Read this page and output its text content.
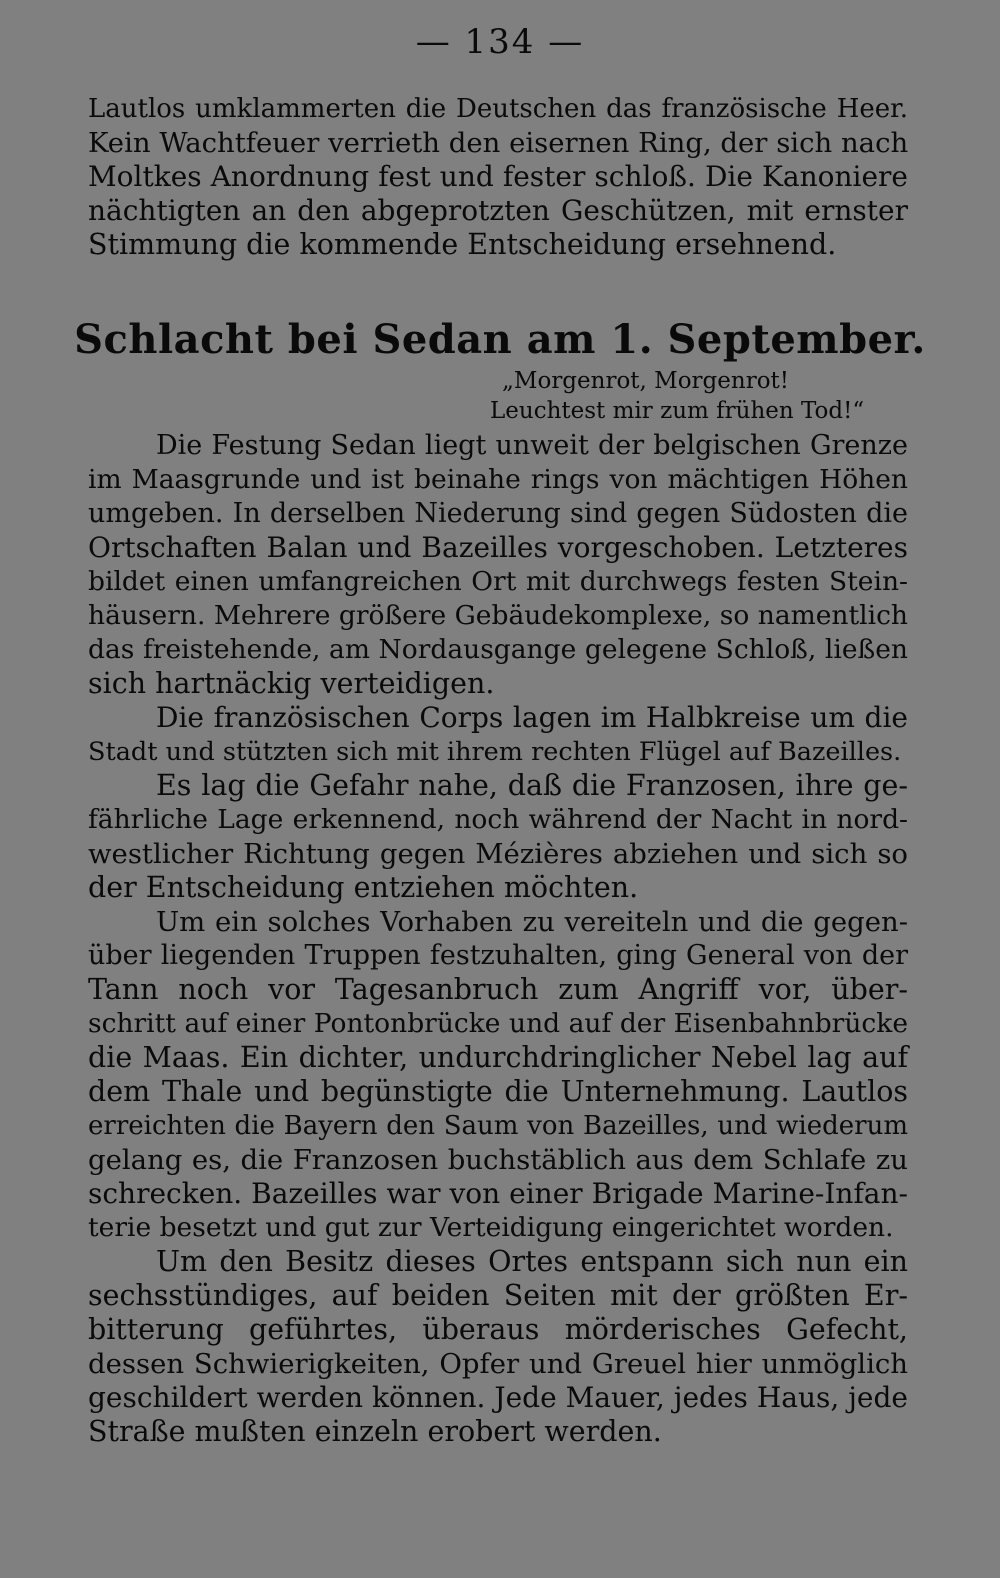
— 134 —
Lautlos umklammerten die Deutschen das französische Heer.
Kein Wachtfeuer verrieth den eisernen Ring, der sich nach
Moltkes Anordnung fest und fester schloß. Die Kanoniere
nächtigten an den abgeprotzten Geschützen, mit ernster
Stimmung die kommende Entscheidung ersehnend.
Schlacht bei Sedan am 1. September.
„Morgenrot, Morgenrot!
Leuchtest mir zum frühen Tod!“
Die Festung Sedan liegt unweit der belgischen Grenze
im Maasgrunde und ist beinahe rings von mächtigen Höhen
umgeben. In derselben Niederung sind gegen Südosten die
Ortschaften Balan und Bazeilles vorgeschoben. Letzteres
bildet einen umfangreichen Ort mit durchwegs festen Stein-
häusern. Mehrere größere Gebäudekomplexe, so namentlich
das freistehende, am Nordausgange gelegene Schloß, ließen
sich hartnäckig verteidigen.
Die französischen Corps lagen im Halbkreise um die
Stadt und stützten sich mit ihrem rechten Flügel auf Bazeilles.
Es lag die Gefahr nahe, daß die Franzosen, ihre ge-
fährliche Lage erkennend, noch während der Nacht in nord-
westlicher Richtung gegen Mézières abziehen und sich so
der Entscheidung entziehen möchten.
Um ein solches Vorhaben zu vereiteln und die gegen-
über liegenden Truppen festzuhalten, ging General von der
Tann noch vor Tagesanbruch zum Angriff vor, über-
schritt auf einer Pontonbrücke und auf der Eisenbahnbrücke
die Maas. Ein dichter, undurchdringlicher Nebel lag auf
dem Thale und begünstigte die Unternehmung. Lautlos
erreichten die Bayern den Saum von Bazeilles, und wiederum
gelang es, die Franzosen buchstäblich aus dem Schlafe zu
schrecken. Bazeilles war von einer Brigade Marine-Infan-
terie besetzt und gut zur Verteidigung eingerichtet worden.
Um den Besitz dieses Ortes entspann sich nun ein
sechsstündiges, auf beiden Seiten mit der größten Er-
bitterung geführtes, überaus mörderisches Gefecht,
dessen Schwierigkeiten, Opfer und Greuel hier unmöglich
geschildert werden können. Jede Mauer, jedes Haus, jede
Straße mußten einzeln erobert werden.
